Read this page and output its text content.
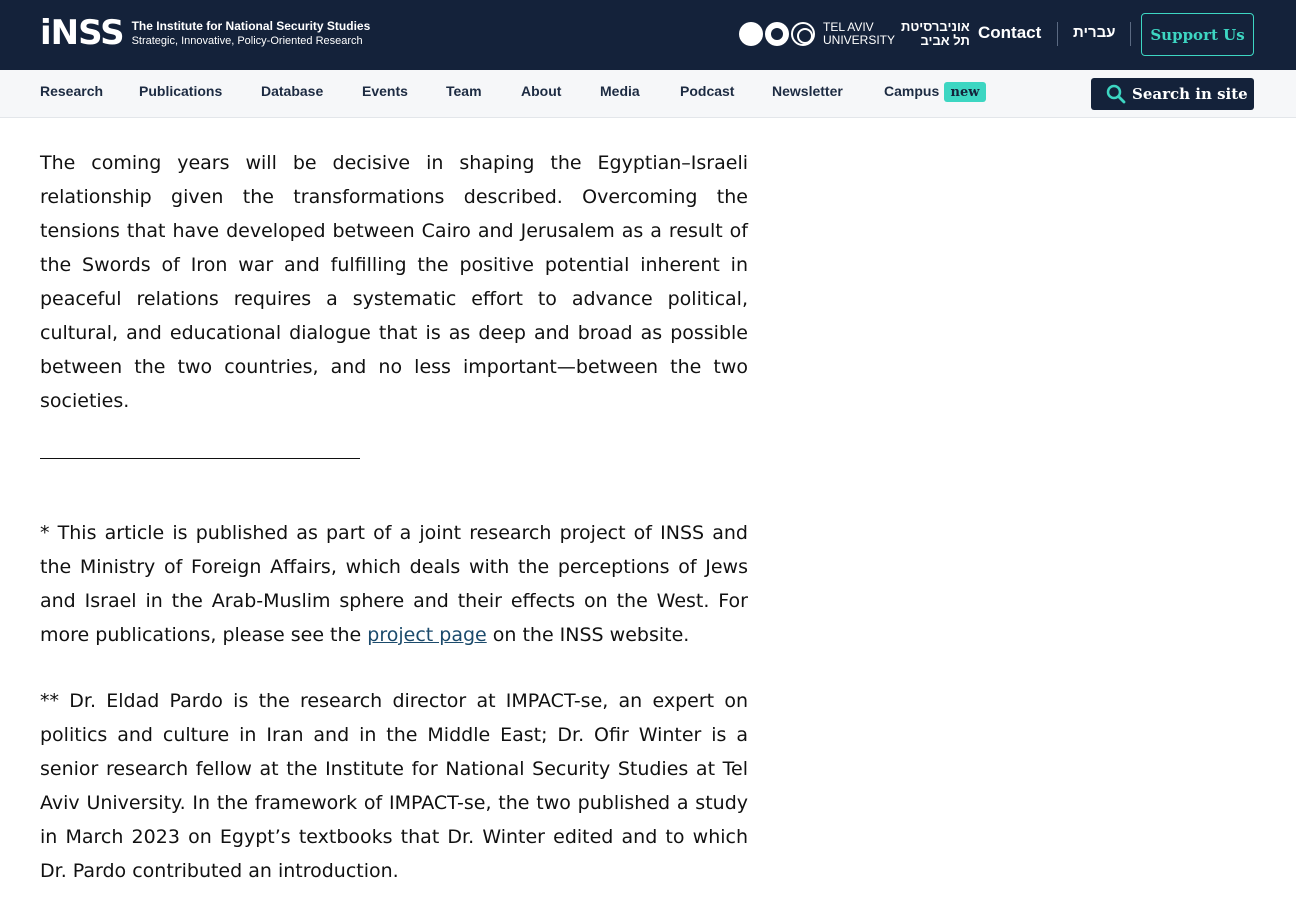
iNSS The Institute for National Security Studies
Strategic, Innovative, Policy-Oriented Research
TEL AVIV
UNIVERSITY
אוניברסיטת
תל אביב Contact עברית	Support Us
Research	Publications	Database	Events	Team	About	Media	Podcast	Newsletter	Campus new	Search in site

The coming years will be decisive in shaping the Egyptian–Israeli relationship given the transformations described. Overcoming the tensions that have developed between Cairo and Jerusalem as a result of the Swords of Iron war and fulfilling the positive potential inherent in peaceful relations requires a systematic effort to advance political, cultural, and educational dialogue that is as deep and broad as possible between the two countries, and no less important—between the two societies.

* This article is published as part of a joint research project of INSS and the Ministry of Foreign Affairs, which deals with the perceptions of Jews and Israel in the Arab-Muslim sphere and their effects on the West. For more publications, please see the project page on the INSS website.

** Dr. Eldad Pardo is the research director at IMPACT-se, an expert on politics and culture in Iran and in the Middle East; Dr. Ofir Winter is a senior research fellow at the Institute for National Security Studies at Tel Aviv University. In the framework of IMPACT-se, the two published a study in March 2023 on Egypt’s textbooks that Dr. Winter edited and to which Dr. Pardo contributed an introduction.
